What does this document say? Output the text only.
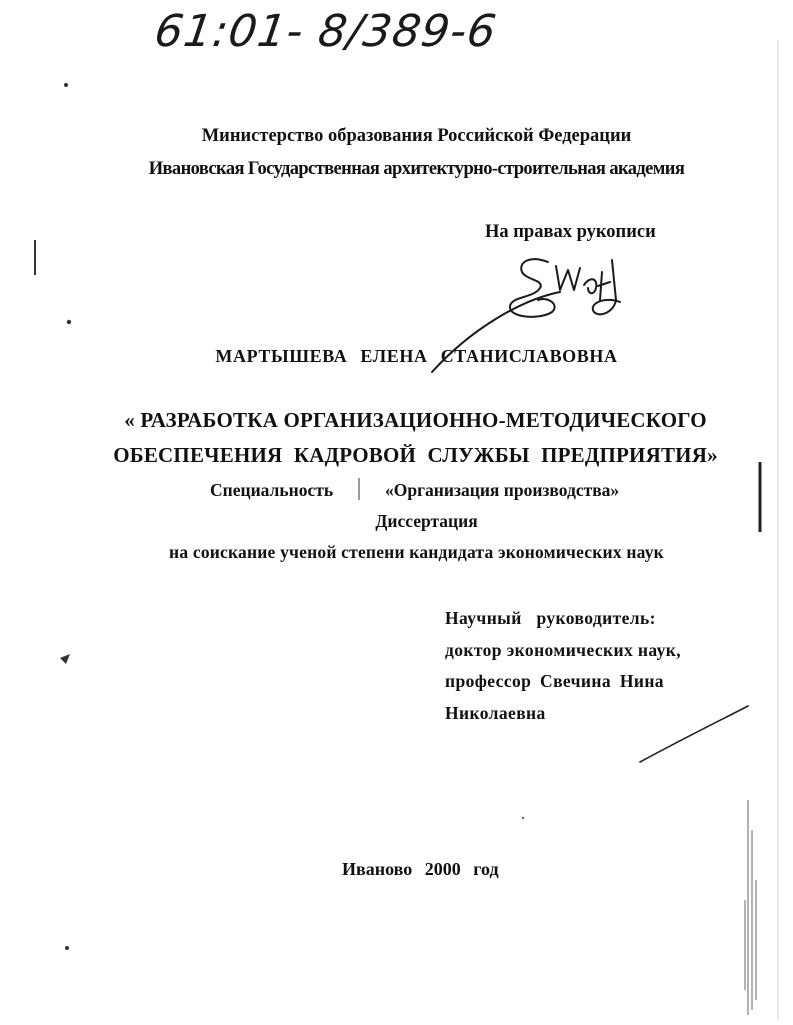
61:01- 8/389-6
Министерство образования Российской Федерации
Ивановская Государственная архитектурно-строительная академия
На правах рукописи
МАРТЫШЕВА ЕЛЕНА СТАНИСЛАВОВНА
« РАЗРАБОТКА ОРГАНИЗАЦИОННО-МЕТОДИЧЕСКОГО
ОБЕСПЕЧЕНИЯ КАДРОВОЙ СЛУЖБЫ ПРЕДПРИЯТИЯ»
Специальность	«Организация производства»
Диссертация
на соискание ученой степени кандидата экономических наук
Научный руководитель:
доктор экономических наук,
профессор Свечина Нина
Николаевна
Иваново 2000 год
